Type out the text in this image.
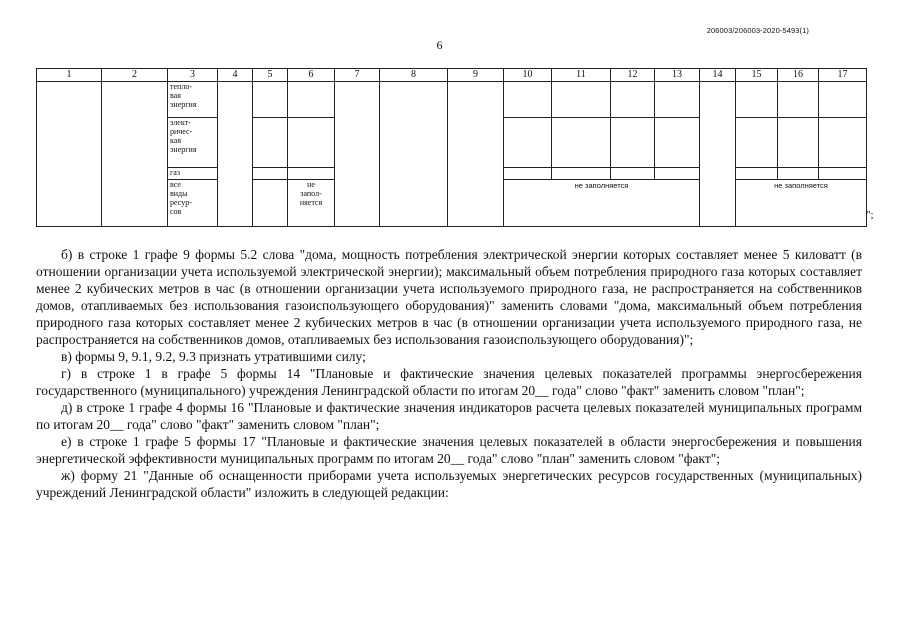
206003/206003-2020-5493(1)
6
1	2	3	4	5	6	7	8	9	10	11	12	13	14	15	16	17
		тепло-
вая
энергия														
		элект-
ричес-
кая
энергия														
		газ														
		все
виды
ресур-
сов			не
запол-
няется				не заполняется					не заполняется		
";

б) в строке 1 графе 9 формы 5.2 слова "дома, мощность потребления электрической энергии которых составляет менее 5 киловатт (в отношении организации учета используемой электрической энергии); максимальный объем потребления природного газа которых составляет менее 2 кубических метров в час (в отношении организации учета используемого природного газа, не распространяется на собственников домов, отапливаемых без использования газоиспользующего оборудования)" заменить словами "дома, максимальный объем потребления природного газа которых составляет менее 2 кубических метров в час (в отношении организации учета используемого природного газа, не распространяется на собственников домов, отапливаемых без использования газоиспользующего оборудования)";

в) формы 9, 9.1, 9.2, 9.3 признать утратившими силу;

г) в строке 1 в графе 5 формы 14 "Плановые и фактические значения целевых показателей программы энергосбережения государственного (муниципального) учреждения Ленинградской области по итогам 20__ года" слово "факт" заменить словом "план";

д) в строке 1 графе 4 формы 16 "Плановые и фактические значения индикаторов расчета целевых показателей муниципальных программ по итогам 20__ года" слово "факт" заменить словом "план";

е) в строке 1 графе 5 формы 17 "Плановые и фактические значения целевых показателей в области энергосбережения и повышения энергетической эффективности муниципальных программ по итогам 20__ года" слово "план" заменить словом "факт";

ж) форму 21 "Данные об оснащенности приборами учета используемых энергетических ресурсов государственных (муниципальных) учреждений Ленинградской области" изложить в следующей редакции:
